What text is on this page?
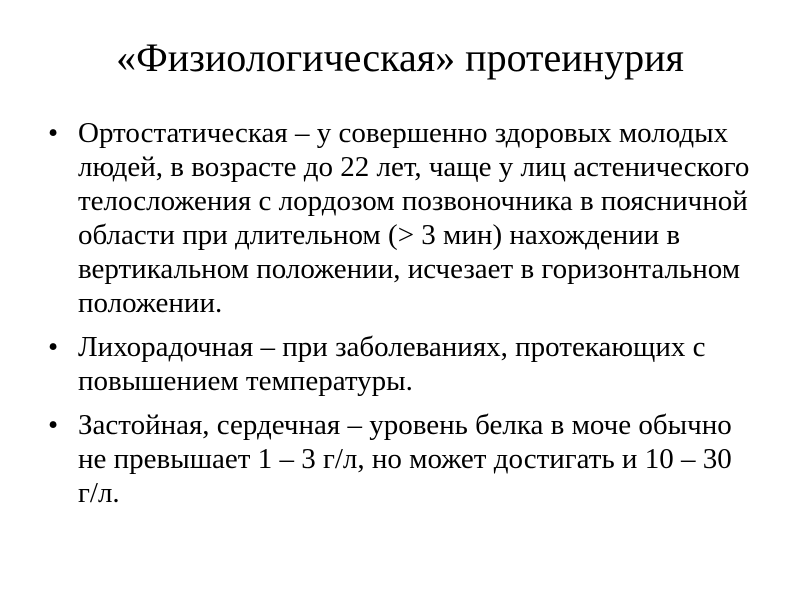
«Физиологическая» протеинурия
• Ортостатическая – у совершенно здоровых молодых людей, в возрасте до 22 лет, чаще у лиц астенического телосложения с лордозом позвоночника в поясничной области при длительном (> 3 мин) нахождении в вертикальном положении, исчезает в горизонтальном положении.
• Лихорадочная – при заболеваниях, протекающих с повышением температуры.
• Застойная, сердечная – уровень белка в моче обычно не превышает 1 – 3 г/л, но может достигать и 10 – 30 г/л.
